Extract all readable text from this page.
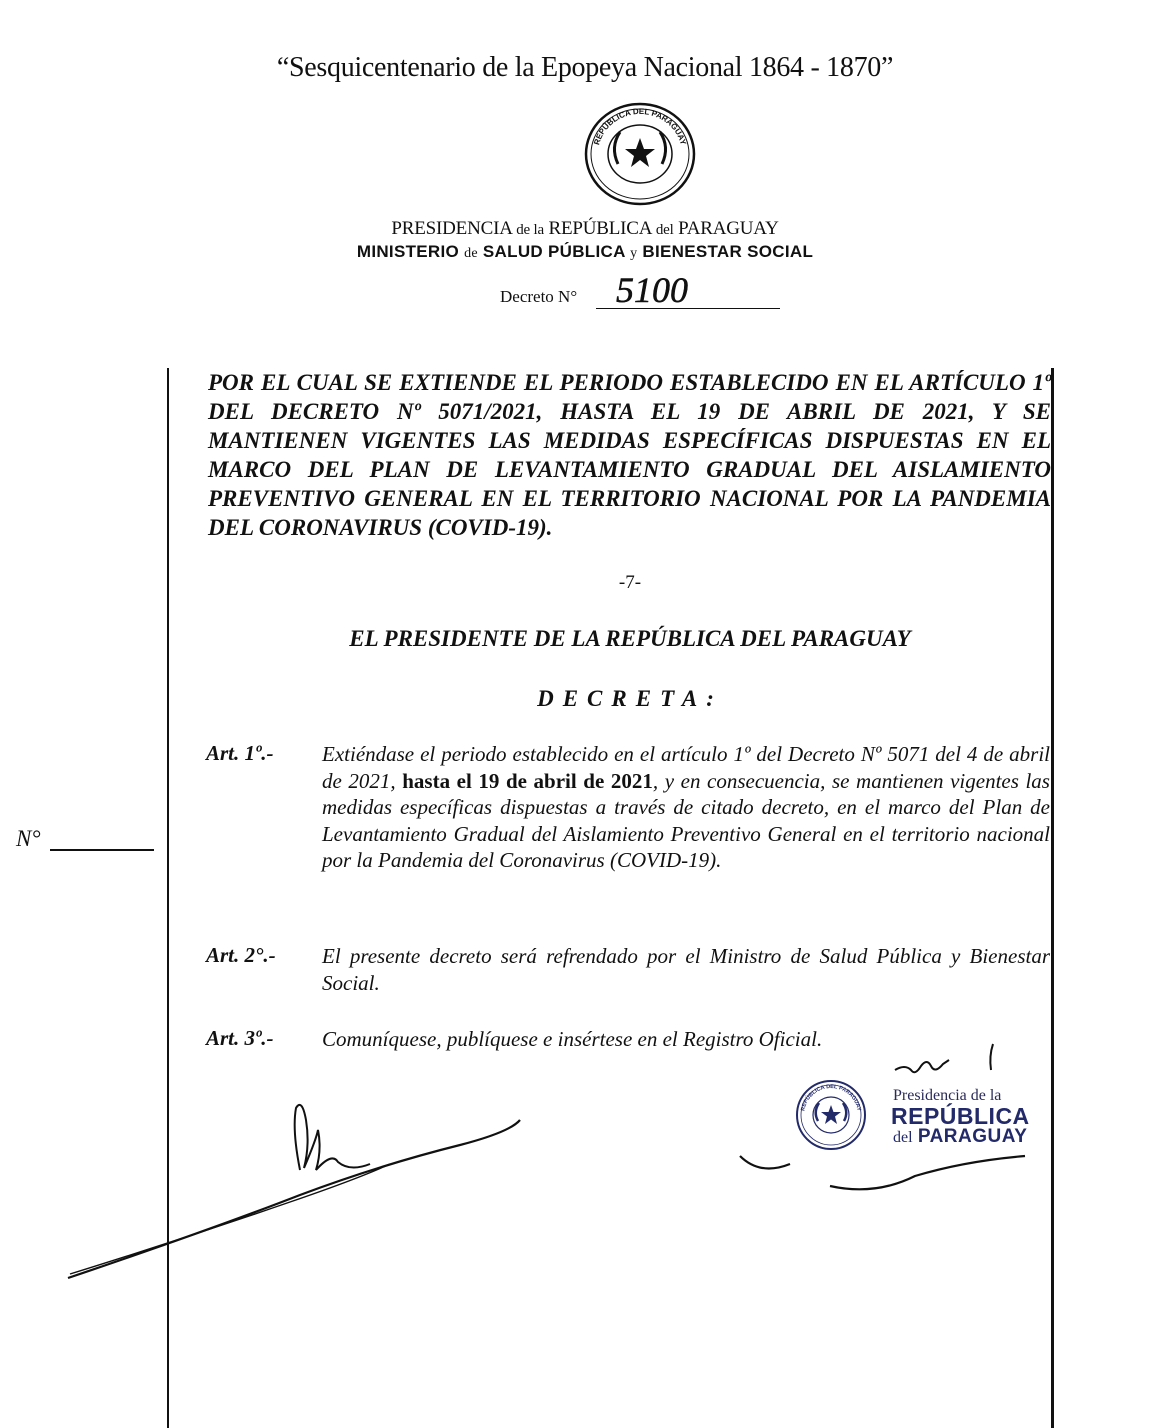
“Sesquicentenario de la Epopeya Nacional 1864 - 1870”
REPÚBLICA DEL PARAGUAY
PRESIDENCIA de la REPÚBLICA del PARAGUAY
MINISTERIO de SALUD PÚBLICA y BIENESTAR SOCIAL
Decreto N° 5100
POR EL CUAL SE EXTIENDE EL PERIODO ESTABLECIDO EN EL ARTÍCULO 1º DEL DECRETO Nº 5071/2021, HASTA EL 19 DE ABRIL DE 2021, Y SE MANTIENEN VIGENTES LAS MEDIDAS ESPECÍFICAS DISPUESTAS EN EL MARCO DEL PLAN DE LEVANTAMIENTO GRADUAL DEL AISLAMIENTO PREVENTIVO GENERAL EN EL TERRITORIO NACIONAL POR LA PANDEMIA DEL CORONAVIRUS (COVID-19).
-7-
EL PRESIDENTE DE LA REPÚBLICA DEL PARAGUAY
DECRETA:
Art. 1º.- Extiéndase el periodo establecido en el artículo 1º del Decreto Nº 5071 del 4 de abril de 2021, hasta el 19 de abril de 2021, y en consecuencia, se mantienen vigentes las medidas específicas dispuestas a través de citado decreto, en el marco del Plan de Levantamiento Gradual del Aislamiento Preventivo General en el territorio nacional por la Pandemia del Coronavirus (COVID-19).
Art. 2°.- El presente decreto será refrendado por el Ministro de Salud Pública y Bienestar Social.
Art. 3º.- Comuníquese, publíquese e insértese en el Registro Oficial.
N°
REPÚBLICA DEL PARAGUAY
Presidencia de la
REPÚBLICA
del PARAGUAY
